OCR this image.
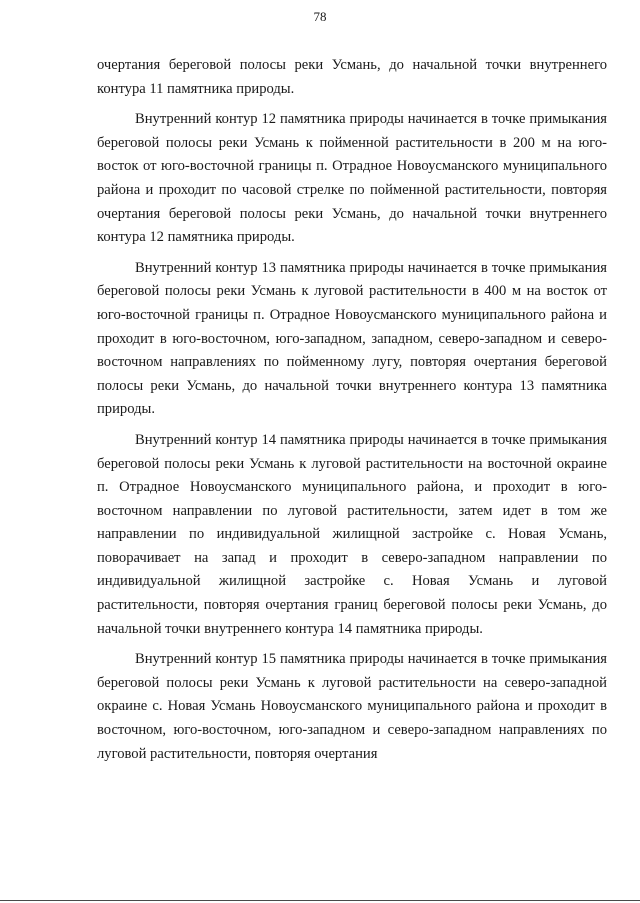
78

очертания береговой полосы реки Усмань, до начальной точки внутреннего контура 11 памятника природы.

Внутренний контур 12 памятника природы начинается в точке примыкания береговой полосы реки Усмань к пойменной растительности в 200 м на юго-восток от юго-восточной границы п. Отрадное Новоусманского муниципального района и проходит по часовой стрелке по пойменной растительности, повторяя очертания береговой полосы реки Усмань, до начальной точки внутреннего контура 12 памятника природы.

Внутренний контур 13 памятника природы начинается в точке примыкания береговой полосы реки Усмань к луговой растительности в 400 м на восток от юго-восточной границы п. Отрадное Новоусманского муниципального района и проходит в юго-восточном, юго-западном, западном, северо-западном и северо-восточном направлениях по пойменному лугу, повторяя очертания береговой полосы реки Усмань, до начальной точки внутреннего контура 13 памятника природы.

Внутренний контур 14 памятника природы начинается в точке примыкания береговой полосы реки Усмань к луговой растительности на восточной окраине п. Отрадное Новоусманского муниципального района, и проходит в юго-восточном направлении по луговой растительности, затем идет в том же направлении по индивидуальной жилищной застройке с. Новая Усмань, поворачивает на запад и проходит в северо-западном направлении по индивидуальной жилищной застройке с. Новая Усмань и луговой растительности, повторяя очертания границ береговой полосы реки Усмань, до начальной точки внутреннего контура 14 памятника природы.

Внутренний контур 15 памятника природы начинается в точке примыкания береговой полосы реки Усмань к луговой растительности на северо-западной окраине с. Новая Усмань Новоусманского муниципального района и проходит в восточном, юго-восточном, юго-западном и северо-западном направлениях по луговой растительности, повторяя очертания
